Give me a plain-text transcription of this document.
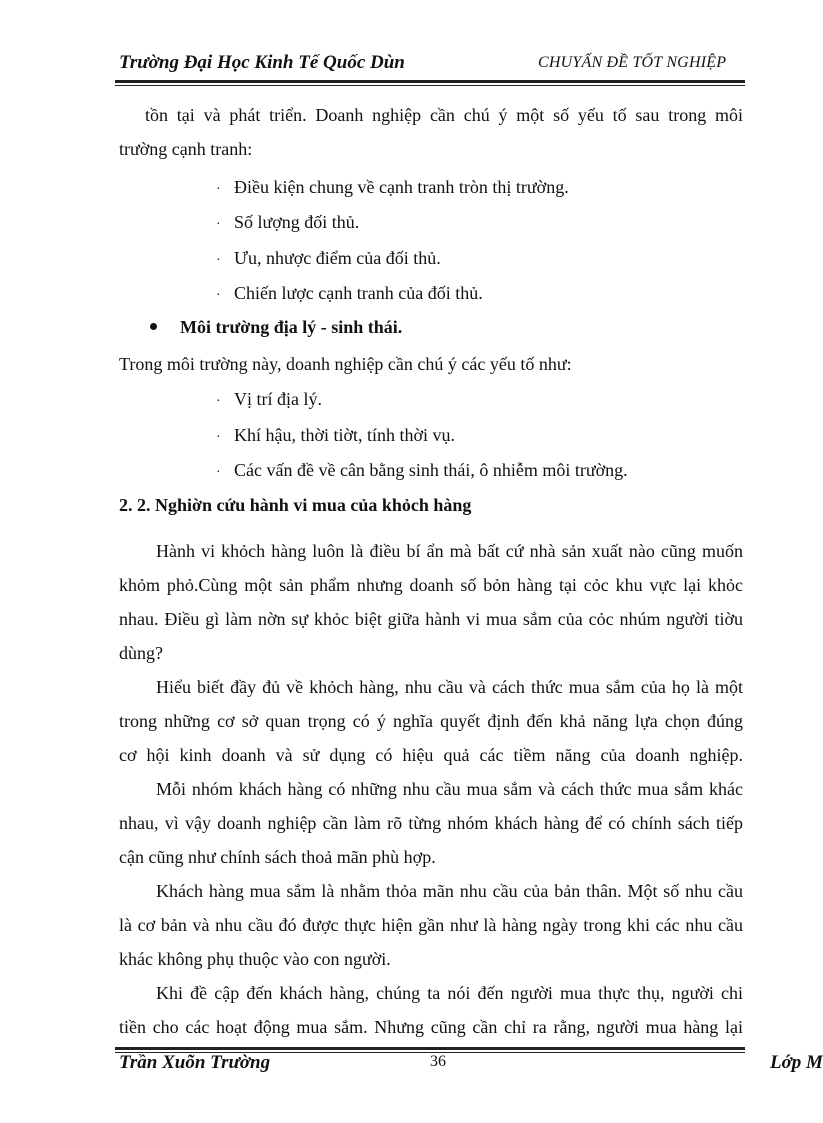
Trường Đại Học Kinh Tế Quốc Dùn	CHUYẤN ĐỀ TỐT NGHIỆP
tồn tại và phát triển. Doanh nghiệp cần chú ý một số yếu tố sau trong môi
trường cạnh tranh:
· Điều kiện chung về cạnh tranh tròn thị trường.
· Số lượng đối thủ.
· Ưu, nhược điểm của đối thủ.
· Chiến lược cạnh tranh của đối thủ.
Môi trường địa lý - sinh thái.
Trong môi trường này, doanh nghiệp cần chú ý các yếu tố như:
· Vị trí địa lý.
· Khí hậu, thời tiờt, tính thời vụ.
· Các vấn đề về cân bằng sinh thái, ô nhiễm môi trường.
2. 2. Nghiờn cứu hành vi mua của khỏch hàng
Hành vi khỏch hàng luôn là điều bí ẩn mà bất cứ nhà sản xuất nào cũng muốn
khỏm phỏ.Cùng một sản phẩm nhưng doanh số bỏn hàng tại cỏc khu vực lại khỏc
nhau. Điều gì làm nờn sự khỏc biệt giữa hành vi mua sắm của cỏc nhúm người tiờu
dùng?
Hiểu biết đầy đủ về khỏch hàng, nhu cầu và cách thức mua sắm của họ là một
trong những cơ sở quan trọng có ý nghĩa quyết định đến khả năng lựa chọn đúng
cơ hội kinh doanh và sử dụng có hiệu quả các tiềm năng của doanh nghiệp.
Mỗi nhóm khách hàng có những nhu cầu mua sắm và cách thức mua sắm khác
nhau, vì vậy doanh nghiệp cần làm rõ từng nhóm khách hàng để có chính sách tiếp
cận cũng như chính sách thoả mãn phù hợp.
Khách hàng mua sắm là nhằm thỏa mãn nhu cầu của bản thân. Một số nhu cầu
là cơ bản và nhu cầu đó được thực hiện gần như là hàng ngày trong khi các nhu cầu
khác không phụ thuộc vào con người.
Khi đề cập đến khách hàng, chúng ta nói đến người mua thực thụ, người chi
tiền cho các hoạt động mua sắm. Nhưng cũng cần chỉ ra rằng, người mua hàng lại
Trần Xuõn Trường	36	Lớp M
